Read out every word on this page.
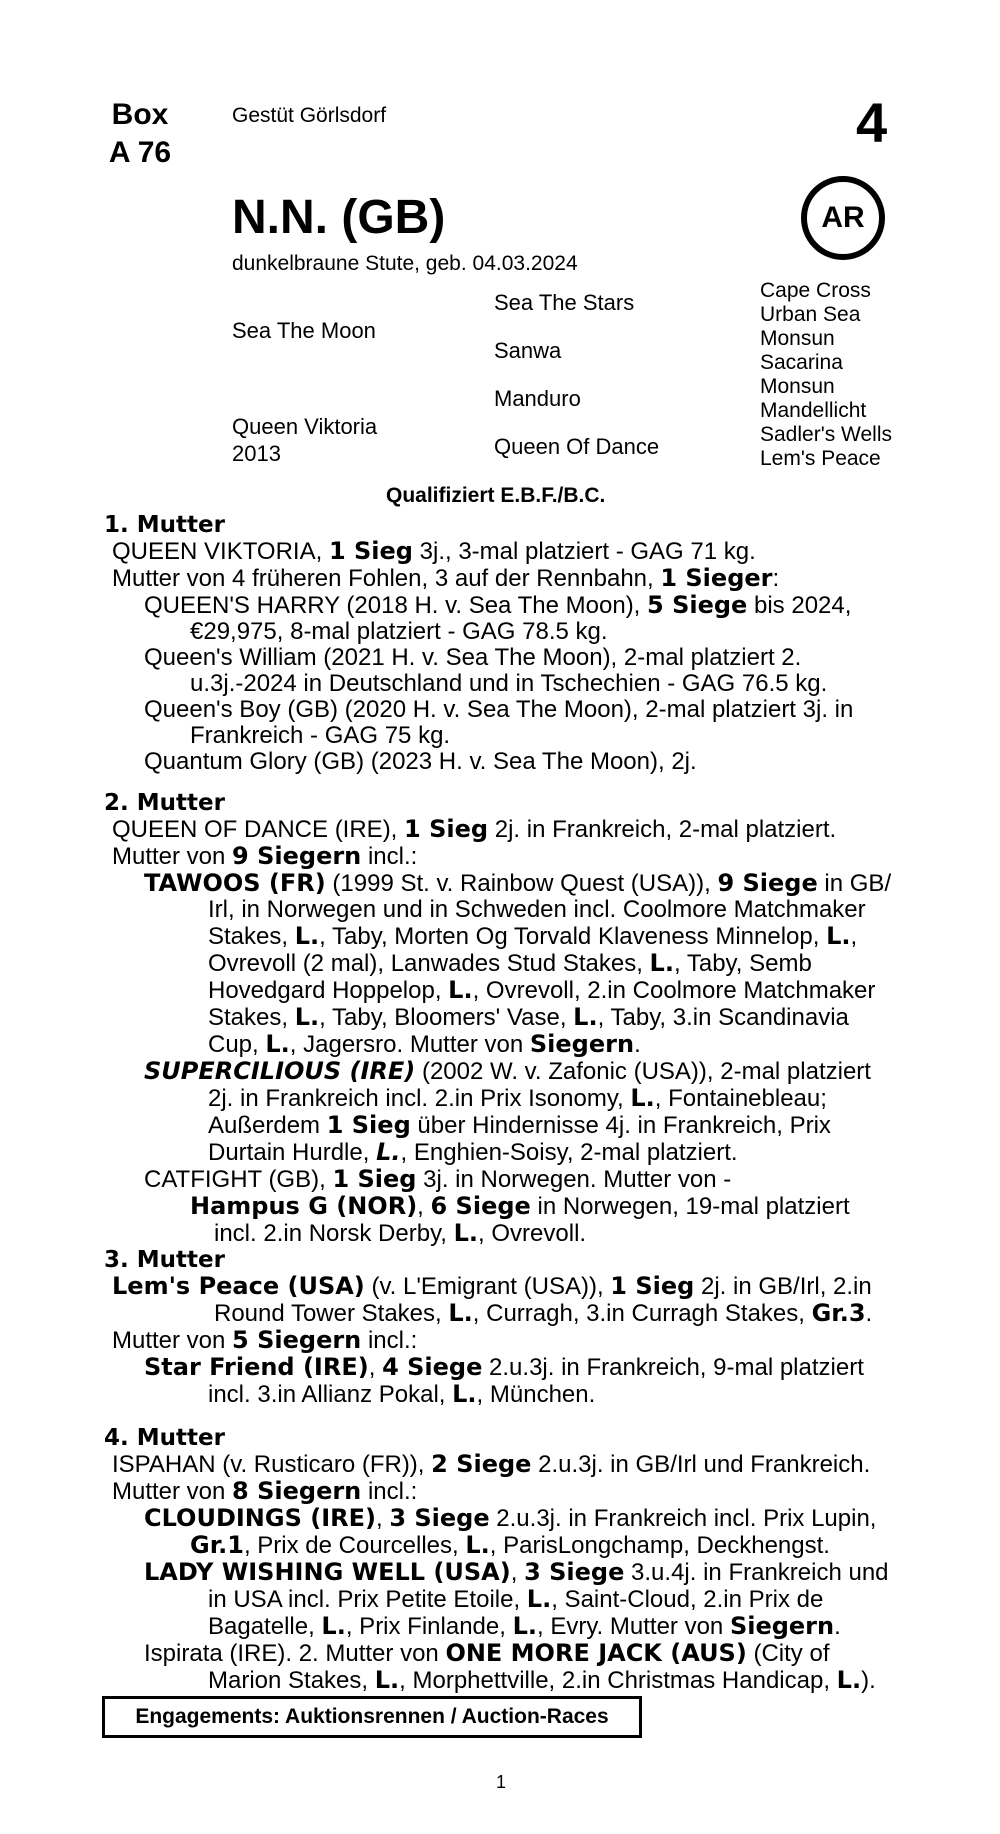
Box
A 76
Gestüt Görlsdorf	4
N.N. (GB)	AR
dunkelbraune Stute, geb. 04.03.2024
Sea The Moon
Queen Viktoria
2013
Sea The Stars
Sanwa
Manduro
Queen Of Dance
Cape Cross
Urban Sea
Monsun
Sacarina
Monsun
Mandellicht
Sadler's Wells
Lem's Peace
Qualifiziert E.B.F./B.C.
1. Mutter
QUEEN VIKTORIA, 1 Sieg 3j., 3-mal platziert - GAG 71 kg.
Mutter von 4 früheren Fohlen, 3 auf der Rennbahn, 1 Sieger:
QUEEN'S HARRY (2018 H. v. Sea The Moon), 5 Siege bis 2024,
€29,975, 8-mal platziert - GAG 78.5 kg.
Queen's William (2021 H. v. Sea The Moon), 2-mal platziert 2.
u.3j.-2024 in Deutschland und in Tschechien - GAG 76.5 kg.
Queen's Boy (GB) (2020 H. v. Sea The Moon), 2-mal platziert 3j. in
Frankreich - GAG 75 kg.
Quantum Glory (GB) (2023 H. v. Sea The Moon), 2j.
2. Mutter
QUEEN OF DANCE (IRE), 1 Sieg 2j. in Frankreich, 2-mal platziert.
Mutter von 9 Siegern incl.:
TAWOOS (FR) (1999 St. v. Rainbow Quest (USA)), 9 Siege in GB/
Irl, in Norwegen und in Schweden incl. Coolmore Matchmaker
Stakes, L., Taby, Morten Og Torvald Klaveness Minnelop, L.,
Ovrevoll (2 mal), Lanwades Stud Stakes, L., Taby, Semb
Hovedgard Hoppelop, L., Ovrevoll, 2.in Coolmore Matchmaker
Stakes, L., Taby, Bloomers' Vase, L., Taby, 3.in Scandinavia
Cup, L., Jagersro. Mutter von Siegern.
SUPERCILIOUS (IRE) (2002 W. v. Zafonic (USA)), 2-mal platziert
2j. in Frankreich incl. 2.in Prix Isonomy, L., Fontainebleau;
Außerdem 1 Sieg über Hindernisse 4j. in Frankreich, Prix
Durtain Hurdle, L., Enghien-Soisy, 2-mal platziert.
CATFIGHT (GB), 1 Sieg 3j. in Norwegen. Mutter von -
Hampus G (NOR), 6 Siege in Norwegen, 19-mal platziert
incl. 2.in Norsk Derby, L., Ovrevoll.
3. Mutter
Lem's Peace (USA) (v. L'Emigrant (USA)), 1 Sieg 2j. in GB/Irl, 2.in
Round Tower Stakes, L., Curragh, 3.in Curragh Stakes, Gr.3.
Mutter von 5 Siegern incl.:
Star Friend (IRE), 4 Siege 2.u.3j. in Frankreich, 9-mal platziert
incl. 3.in Allianz Pokal, L., München.
4. Mutter
ISPAHAN (v. Rusticaro (FR)), 2 Siege 2.u.3j. in GB/Irl und Frankreich.
Mutter von 8 Siegern incl.:
CLOUDINGS (IRE), 3 Siege 2.u.3j. in Frankreich incl. Prix Lupin,
Gr.1, Prix de Courcelles, L., ParisLongchamp, Deckhengst.
LADY WISHING WELL (USA), 3 Siege 3.u.4j. in Frankreich und
in USA incl. Prix Petite Etoile, L., Saint-Cloud, 2.in Prix de
Bagatelle, L., Prix Finlande, L., Evry. Mutter von Siegern.
Ispirata (IRE). 2. Mutter von ONE MORE JACK (AUS) (City of
Marion Stakes, L., Morphettville, 2.in Christmas Handicap, L.).
Engagements: Auktionsrennen / Auction-Races
1
